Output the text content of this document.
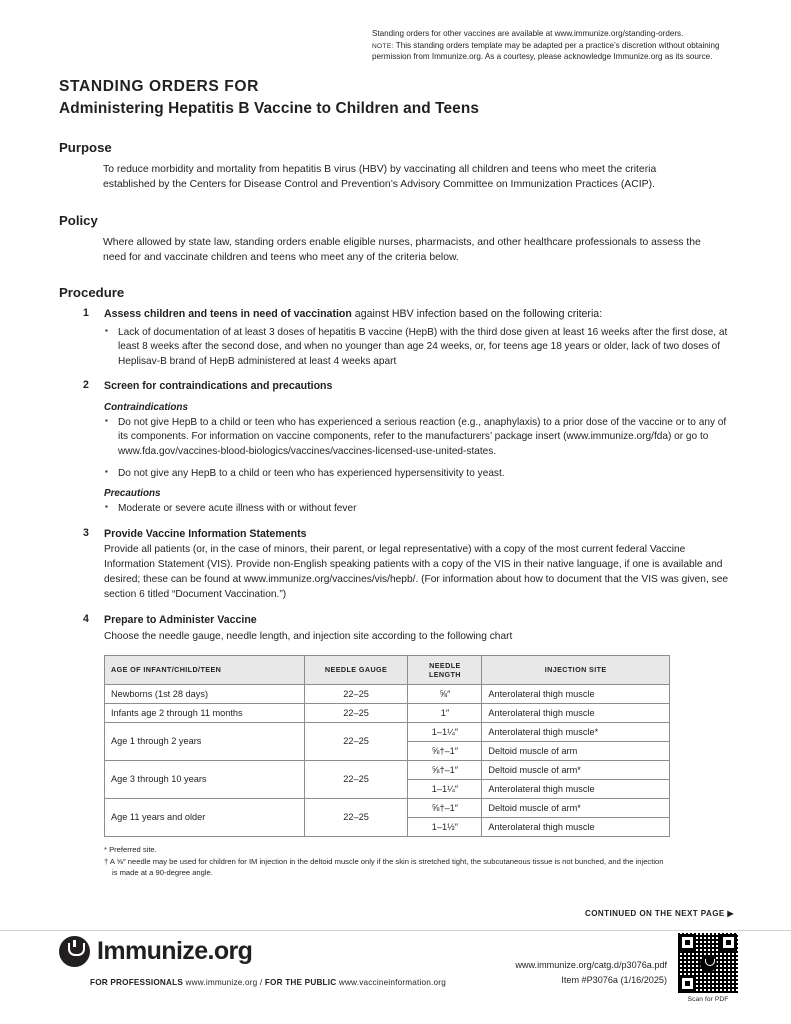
Standing orders for other vaccines are available at www.immunize.org/standing-orders.
NOTE: This standing orders template may be adapted per a practice’s discretion without obtaining permission from Immunize.org. As a courtesy, please acknowledge Immunize.org as its source.
STANDING ORDERS FOR
Administering Hepatitis B Vaccine to Children and Teens
Purpose
To reduce morbidity and mortality from hepatitis B virus (HBV) by vaccinating all children and teens who meet the criteria established by the Centers for Disease Control and Prevention’s Advisory Committee on Immunization Practices (ACIP).
Policy
Where allowed by state law, standing orders enable eligible nurses, pharmacists, and other healthcare professionals to assess the need for and vaccinate children and teens who meet any of the criteria below.
Procedure
1 Assess children and teens in need of vaccination against HBV infection based on the following criteria:
▪ Lack of documentation of at least 3 doses of hepatitis B vaccine (HepB) with the third dose given at least 16 weeks after the first dose, at least 8 weeks after the second dose, and when no younger than age 24 weeks, or, for teens age 18 years or older, lack of two doses of Heplisav-B brand of HepB administered at least 4 weeks apart
2 Screen for contraindications and precautions
Contraindications
▪ Do not give HepB to a child or teen who has experienced a serious reaction (e.g., anaphylaxis) to a prior dose of the vaccine or to any of its components. For information on vaccine components, refer to the manufacturers’ package insert (www.immunize.org/fda) or go to www.fda.gov/vaccines-blood-biologics/vaccines/vaccines-licensed-use-united-states.
▪ Do not give any HepB to a child or teen who has experienced hypersensitivity to yeast.
Precautions
▪ Moderate or severe acute illness with or without fever
3 Provide Vaccine Information Statements
Provide all patients (or, in the case of minors, their parent, or legal representative) with a copy of the most current federal Vaccine Information Statement (VIS). Provide non-English speaking patients with a copy of the VIS in their native language, if one is available and desired; these can be found at www.immunize.org/vaccines/vis/hepb/. (For information about how to document that the VIS was given, see section 6 titled “Document Vaccination.”)
4 Prepare to Administer Vaccine
Choose the needle gauge, needle length, and injection site according to the following chart
AGE OF INFANT/CHILD/TEEN	NEEDLE GAUGE	NEEDLE LENGTH	INJECTION SITE
Newborns (1st 28 days)	22–25	⅝″	Anterolateral thigh muscle
Infants age 2 through 11 months	22–25	1″	Anterolateral thigh muscle
Age 1 through 2 years	22–25	1–1¼″	Anterolateral thigh muscle*
		⅝†–1″	Deltoid muscle of arm
Age 3 through 10 years	22–25	⅝†–1″	Deltoid muscle of arm*
		1–1¼″	Anterolateral thigh muscle
Age 11 years and older	22–25	⅝†–1″	Deltoid muscle of arm*
		1–1½″	Anterolateral thigh muscle
* Preferred site.
† A ⅝″ needle may be used for children for IM injection in the deltoid muscle only if the skin is stretched tight, the subcutaneous tissue is not bunched, and the injection is made at a 90-degree angle.
CONTINUED ON THE NEXT PAGE ▶
Immunize.org
FOR PROFESSIONALS www.immunize.org / FOR THE PUBLIC www.vaccineinformation.org
www.immunize.org/catg.d/p3076a.pdf
Item #P3076a (1/16/2025)
Scan for PDF
